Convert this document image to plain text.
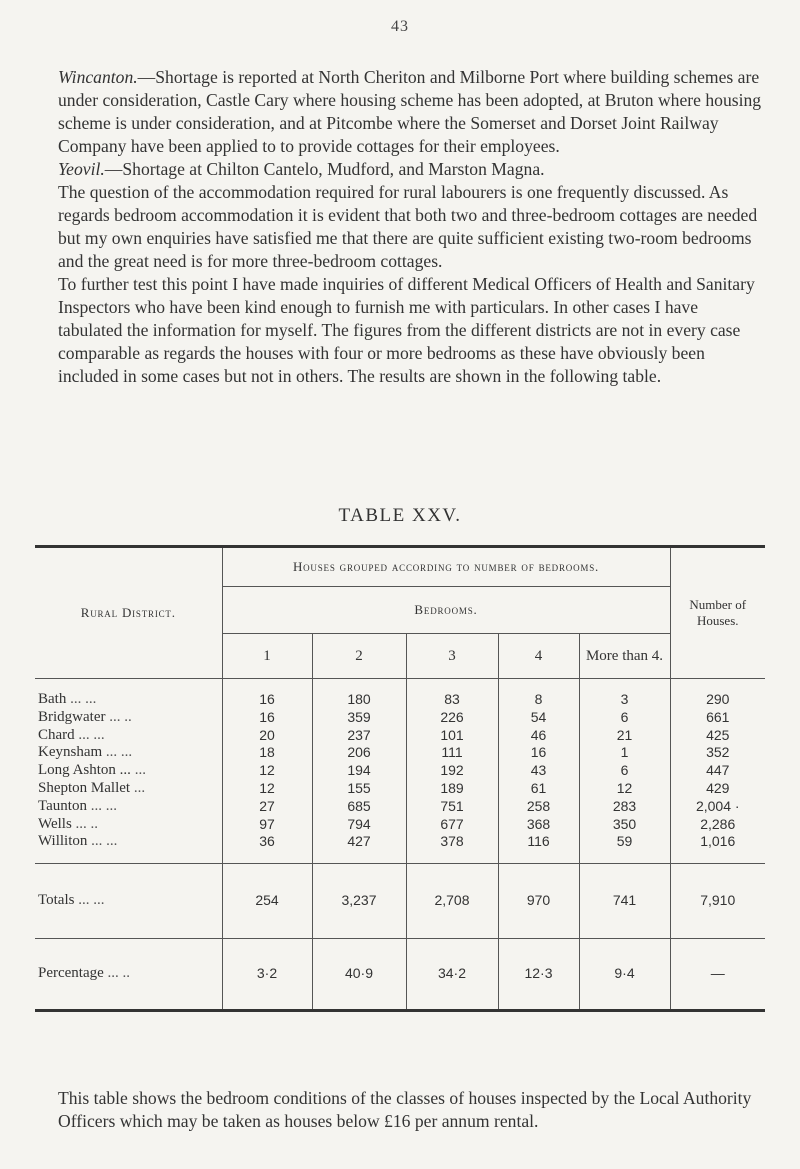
43

Wincanton.—Shortage is reported at North Cheriton and Milborne Port where building schemes are under consideration, Castle Cary where housing scheme has been adopted, at Bruton where housing scheme is under consideration, and at Pitcombe where the Somerset and Dorset Joint Railway Company have been applied to to provide cottages for their employees.

Yeovil.—Shortage at Chilton Cantelo, Mudford, and Marston Magna.

The question of the accommodation required for rural labourers is one frequently discussed. As regards bedroom accommodation it is evident that both two and three-bedroom cottages are needed but my own enquiries have satisfied me that there are quite sufficient existing two-room bedrooms and the great need is for more three-bedroom cottages.

To further test this point I have made inquiries of different Medical Officers of Health and Sanitary Inspectors who have been kind enough to furnish me with particulars. In other cases I have tabulated the information for myself. The figures from the different districts are not in every case comparable as regards the houses with four or more bedrooms as these have obviously been included in some cases but not in others. The results are shown in the following table.

TABLE XXV.
Rural District.	Houses grouped according to number of bedrooms.					Number of Houses.
	Bedrooms.					
	1	2	3	4	More than 4.	

Bath ... ...	16	180	83	8	3	290
Bridgwater ... ..	16	359	226	54	6	661
Chard ... ...	20	237	101	46	21	425
Keynsham ... ...	18	206	111	16	1	352
Long Ashton ... ...	12	194	192	43	6	447
Shepton Mallet ...	12	155	189	61	12	429
Taunton ... ...	27	685	751	258	283	2,004 ·
Wells ... ..	97	794	677	368	350	2,286
Williton ... ...	36	427	378	116	59	1,016

Totals ... ...	254	3,237	2,708	970	741	7,910
Percentage ... ..	3·2	40·9	34·2	12·3	9·4	—
This table shows the bedroom conditions of the classes of houses inspected by the Local Authority Officers which may be taken as houses below £16 per annum rental.
